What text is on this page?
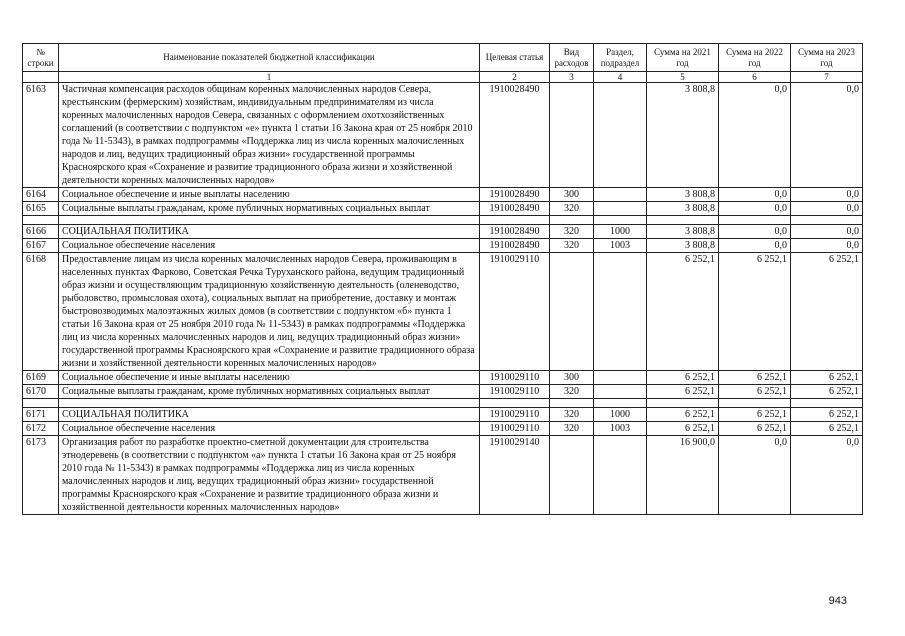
№ строки	Наименование показателей бюджетной классификации	Целевая статья	Вид расходов	Раздел, подраздел	Сумма на 2021 год	Сумма на 2022 год	Сумма на 2023 год
	1	2	3	4	5	6	7
6163	Частичная компенсация расходов общинам коренных малочисленных народов Севера, крестьянским (фермерским) хозяйствам, индивидуальным предпринимателям из числа коренных малочисленных народов Севера, связанных с оформлением охотхозяйственных соглашений (в соответствии с подпунктом «е» пункта 1 статьи 16 Закона края от 25 ноября 2010 года № 11-5343), в рамках подпрограммы «Поддержка лиц из числа коренных малочисленных народов и лиц, ведущих традиционный образ жизни» государственной программы Красноярского края «Сохранение и развитие традиционного образа жизни и хозяйственной деятельности коренных малочисленных народов»	1910028490			3 808,8	0,0	0,0
6164	Социальное обеспечение и иные выплаты населению	1910028490	300		3 808,8	0,0	0,0
6165	Социальные выплаты гражданам, кроме публичных нормативных социальных выплат	1910028490	320		3 808,8	0,0	0,0

6166	СОЦИАЛЬНАЯ ПОЛИТИКА	1910028490	320	1000	3 808,8	0,0	0,0
6167	Социальное обеспечение населения	1910028490	320	1003	3 808,8	0,0	0,0
6168	Предоставление лицам из числа коренных малочисленных народов Севера, проживающим в населенных пунктах Фарково, Советская Речка Туруханского района, ведущим традиционный образ жизни и осуществляющим традиционную хозяйственную деятельность (оленеводство, рыболовство, промысловая охота), социальных выплат на приобретение, доставку и монтаж быстровозводимых малоэтажных жилых домов (в соответствии с подпунктом «б» пункта 1 статьи 16 Закона края от 25 ноября 2010 года № 11-5343) в рамках подпрограммы «Поддержка лиц из числа коренных малочисленных народов и лиц, ведущих традиционный образ жизни» государственной программы Красноярского края «Сохранение и развитие традиционного образа жизни и хозяйственной деятельности коренных малочисленных народов»	1910029110			6 252,1	6 252,1	6 252,1
6169	Социальное обеспечение и иные выплаты населению	1910029110	300		6 252,1	6 252,1	6 252,1
6170	Социальные выплаты гражданам, кроме публичных нормативных социальных выплат	1910029110	320		6 252,1	6 252,1	6 252,1

6171	СОЦИАЛЬНАЯ ПОЛИТИКА	1910029110	320	1000	6 252,1	6 252,1	6 252,1
6172	Социальное обеспечение населения	1910029110	320	1003	6 252,1	6 252,1	6 252,1
6173	Организация работ по разработке проектно-сметной документации для строительства этнодеревень (в соответствии с подпунктом «а» пункта 1 статьи 16 Закона края от 25 ноября 2010 года № 11-5343) в рамках подпрограммы «Поддержка лиц из числа коренных малочисленных народов и лиц, ведущих традиционный образ жизни» государственной программы Красноярского края «Сохранение и развитие традиционного образа жизни и хозяйственной деятельности коренных малочисленных народов»	1910029140			16 900,0	0,0	0,0
943
